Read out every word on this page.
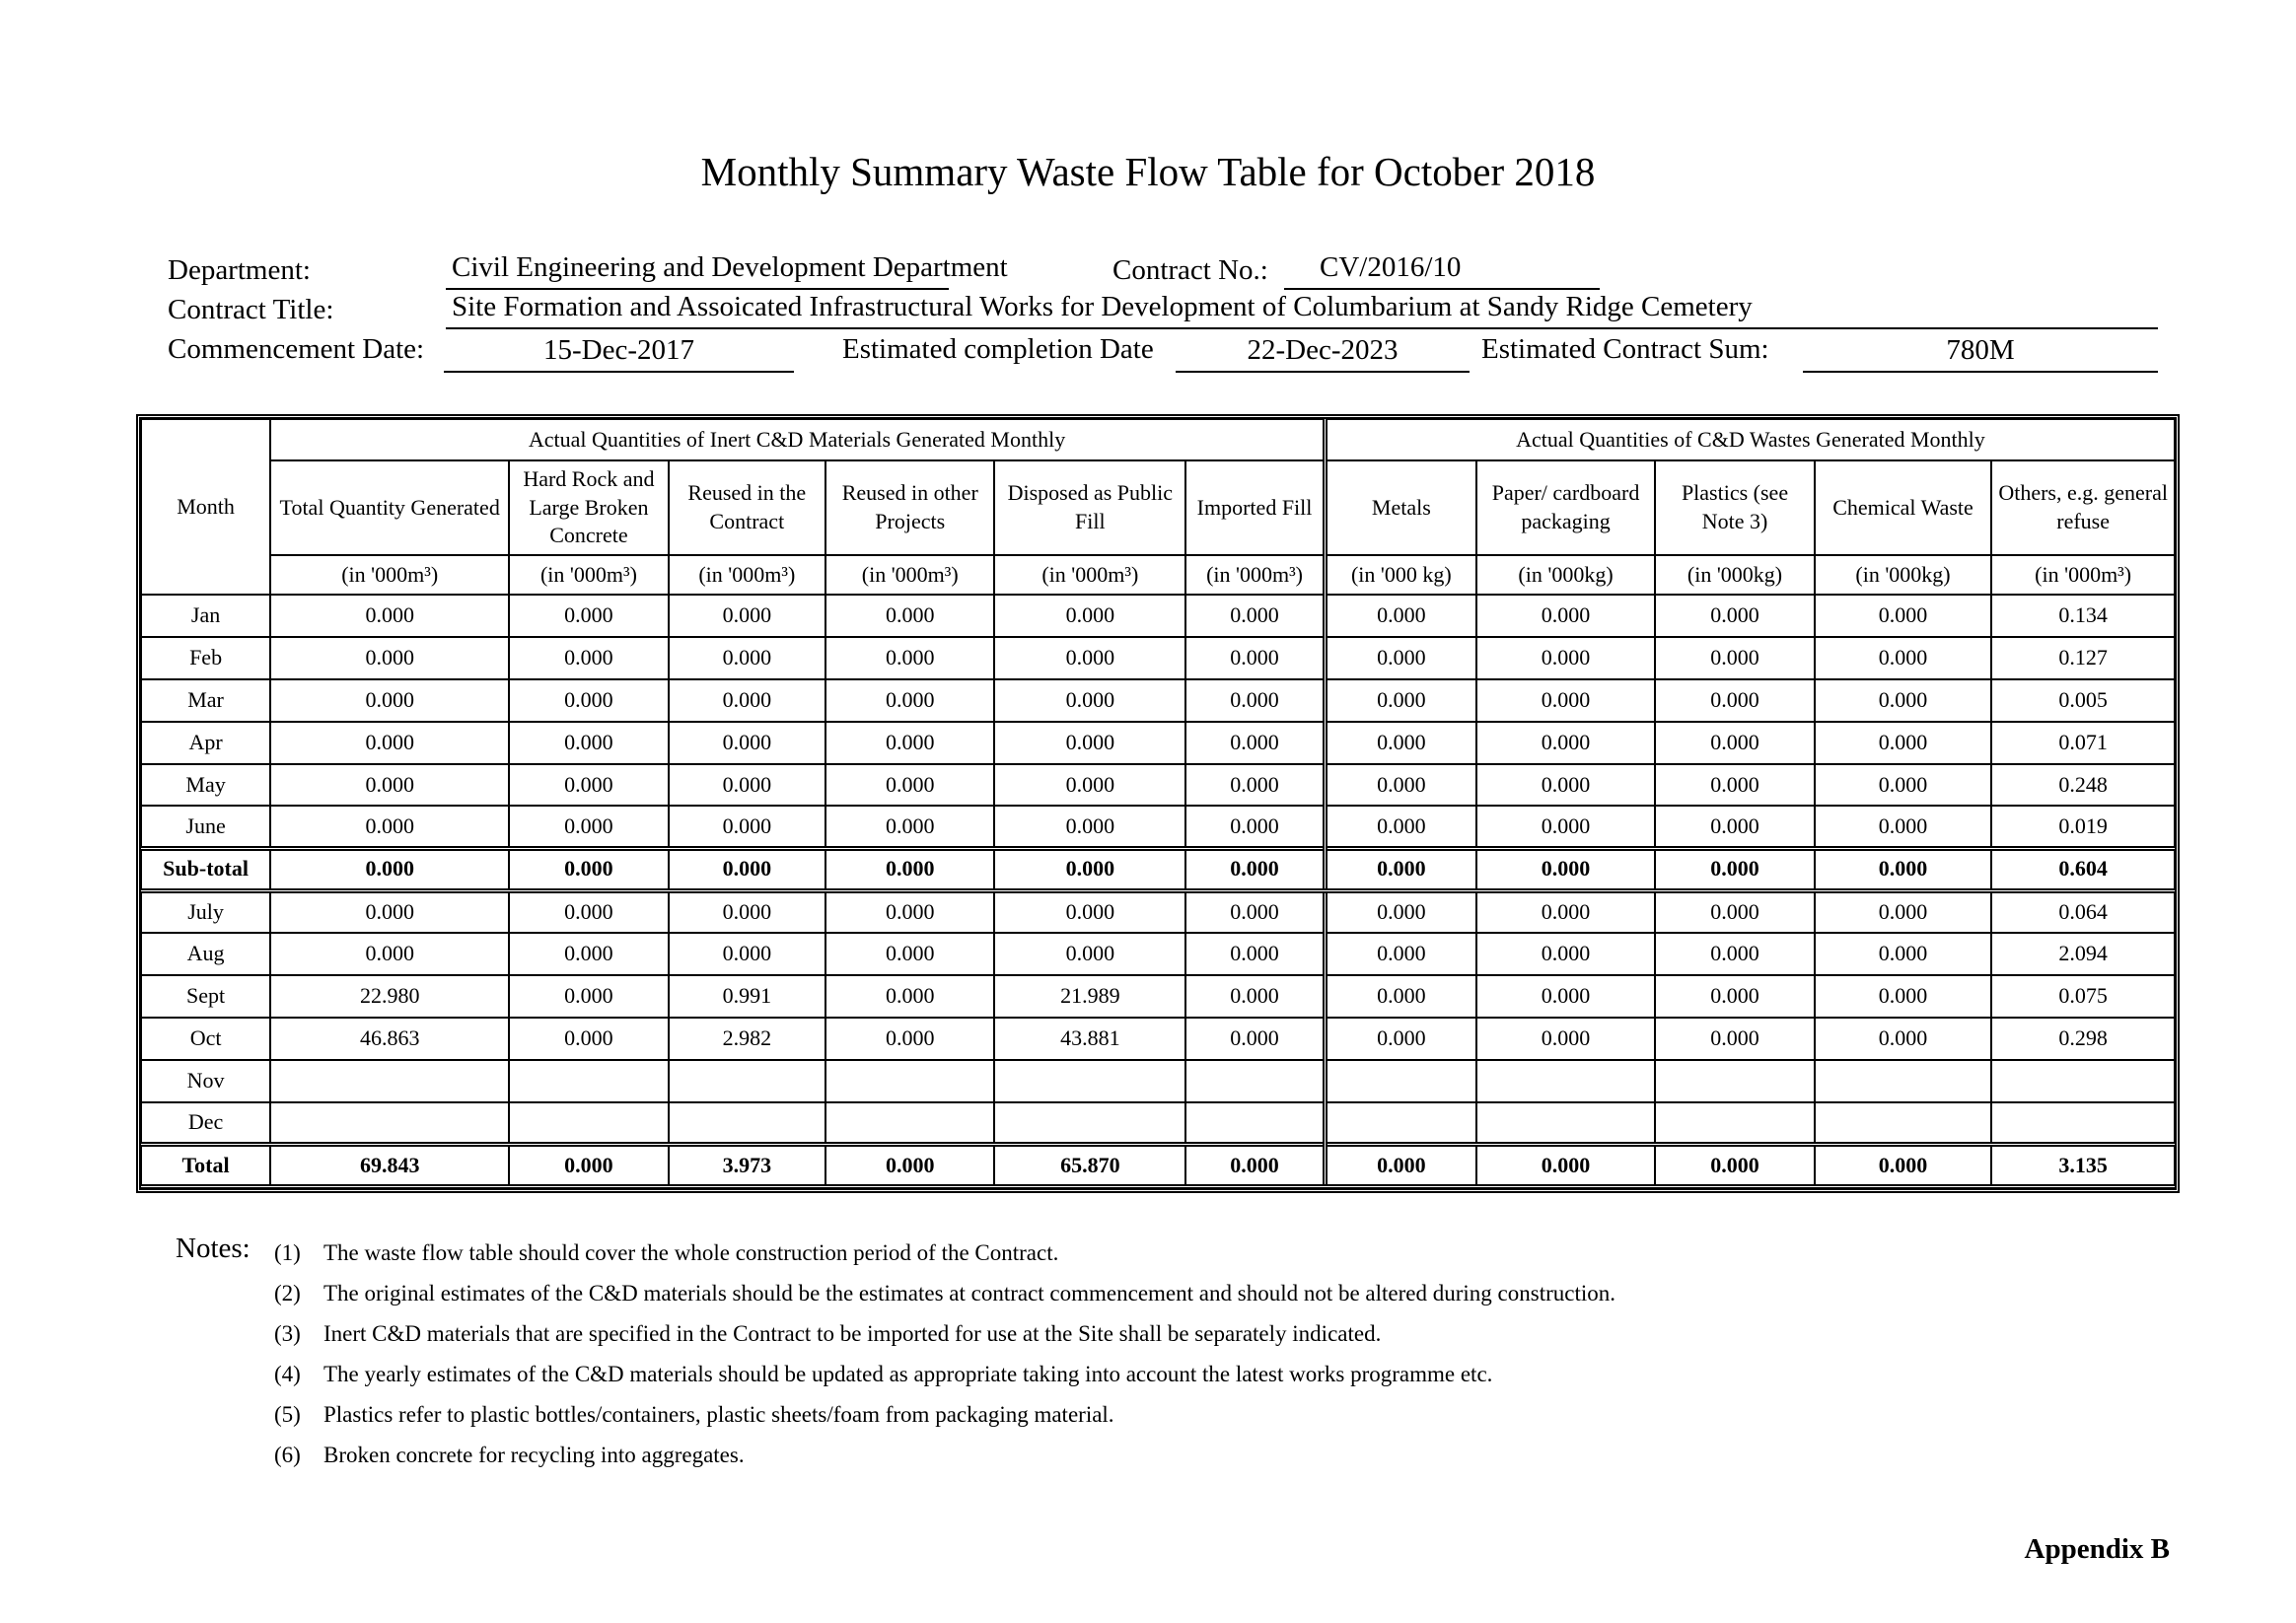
Monthly Summary Waste Flow Table for October 2018
Department:	Civil Engineering and Development Department	Contract No.: CV/2016/10
Contract Title:	Site Formation and Assoicated Infrastructural Works for Development of Columbarium at Sandy Ridge Cemetery
Commencement Date:	15-Dec-2017	Estimated completion Date	22-Dec-2023	Estimated Contract Sum:	780M
Month	Actual Quantities of Inert C&D Materials Generated Monthly						Actual Quantities of C&D Wastes Generated Monthly				
	Total Quantity Generated	Hard Rock and Large Broken Concrete	Reused in the Contract	Reused in other Projects	Disposed as Public Fill	Imported Fill	Metals	Paper/ cardboard packaging	Plastics (see Note 3)	Chemical Waste	Others, e.g. general refuse
	(in '000m³)	(in '000m³)	(in '000m³)	(in '000m³)	(in '000m³)	(in '000m³)	(in '000 kg)	(in '000kg)	(in '000kg)	(in '000kg)	(in '000m³)
Jan	0.000	0.000	0.000	0.000	0.000	0.000	0.000	0.000	0.000	0.000	0.134
Feb	0.000	0.000	0.000	0.000	0.000	0.000	0.000	0.000	0.000	0.000	0.127
Mar	0.000	0.000	0.000	0.000	0.000	0.000	0.000	0.000	0.000	0.000	0.005
Apr	0.000	0.000	0.000	0.000	0.000	0.000	0.000	0.000	0.000	0.000	0.071
May	0.000	0.000	0.000	0.000	0.000	0.000	0.000	0.000	0.000	0.000	0.248
June	0.000	0.000	0.000	0.000	0.000	0.000	0.000	0.000	0.000	0.000	0.019
Sub-total	0.000	0.000	0.000	0.000	0.000	0.000	0.000	0.000	0.000	0.000	0.604
July	0.000	0.000	0.000	0.000	0.000	0.000	0.000	0.000	0.000	0.000	0.064
Aug	0.000	0.000	0.000	0.000	0.000	0.000	0.000	0.000	0.000	0.000	2.094
Sept	22.980	0.000	0.991	0.000	21.989	0.000	0.000	0.000	0.000	0.000	0.075
Oct	46.863	0.000	2.982	0.000	43.881	0.000	0.000	0.000	0.000	0.000	0.298
Nov											
Dec											
Total	69.843	0.000	3.973	0.000	65.870	0.000	0.000	0.000	0.000	0.000	3.135
Notes: (1) The waste flow table should cover the whole construction period of the Contract.
(2) The original estimates of the C&D materials should be the estimates at contract commencement and should not be altered during construction.
(3) Inert C&D materials that are specified in the Contract to be imported for use at the Site shall be separately indicated.
(4) The yearly estimates of the C&D materials should be updated as appropriate taking into account the latest works programme etc.
(5) Plastics refer to plastic bottles/containers, plastic sheets/foam from packaging material.
(6) Broken concrete for recycling into aggregates.
Appendix B
